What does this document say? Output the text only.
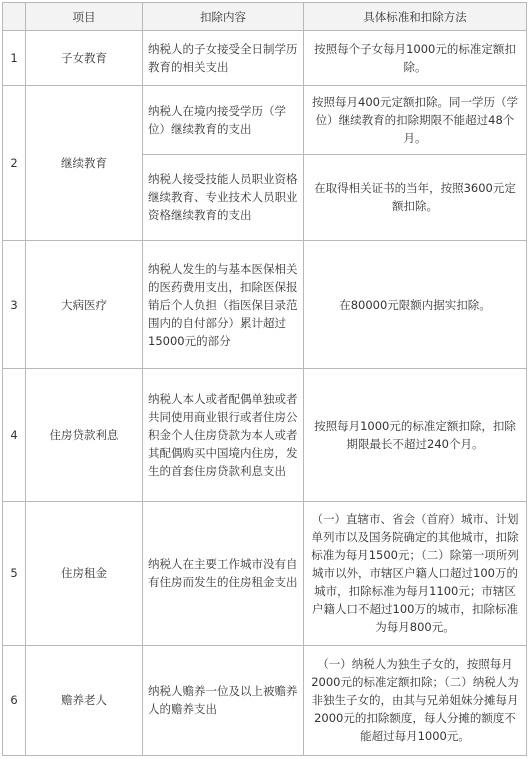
	项目	扣除内容	具体标准和扣除方法
1	子女教育	纳税人的子女接受全日制学历教育的相关支出	按照每个子女每月1000元的标准定额扣除。
2	继续教育	纳税人在境内接受学历（学位）继续教育的支出	按照每月400元定额扣除。同一学历（学位）继续教育的扣除期限不能超过48个月。
		纳税人接受技能人员职业资格继续教育、专业技术人员职业资格继续教育的支出	在取得相关证书的当年，按照3600元定额扣除。
3	大病医疗	纳税人发生的与基本医保相关的医药费用支出，扣除医保报销后个人负担（指医保目录范围内的自付部分）累计超过15000元的部分	在80000元限额内据实扣除。
4	住房贷款利息	纳税人本人或者配偶单独或者共同使用商业银行或者住房公积金个人住房贷款为本人或者其配偶购买中国境内住房，发生的首套住房贷款利息支出	按照每月1000元的标准定额扣除，扣除期限最长不超过240个月。
5	住房租金	纳税人在主要工作城市没有自有住房而发生的住房租金支出	（一）直辖市、省会（首府）城市、计划单列市以及国务院确定的其他城市，扣除标准为每月1500元；（二）除第一项所列城市以外，市辖区户籍人口超过100万的城市，扣除标准为每月1100元；市辖区户籍人口不超过100万的城市，扣除标准为每月800元。
6	赡养老人	纳税人赡养一位及以上被赡养人的赡养支出	（一）纳税人为独生子女的，按照每月2000元的标准定额扣除；（二）纳税人为非独生子女的，由其与兄弟姐妹分摊每月2000元的扣除额度，每人分摊的额度不能超过每月1000元。
